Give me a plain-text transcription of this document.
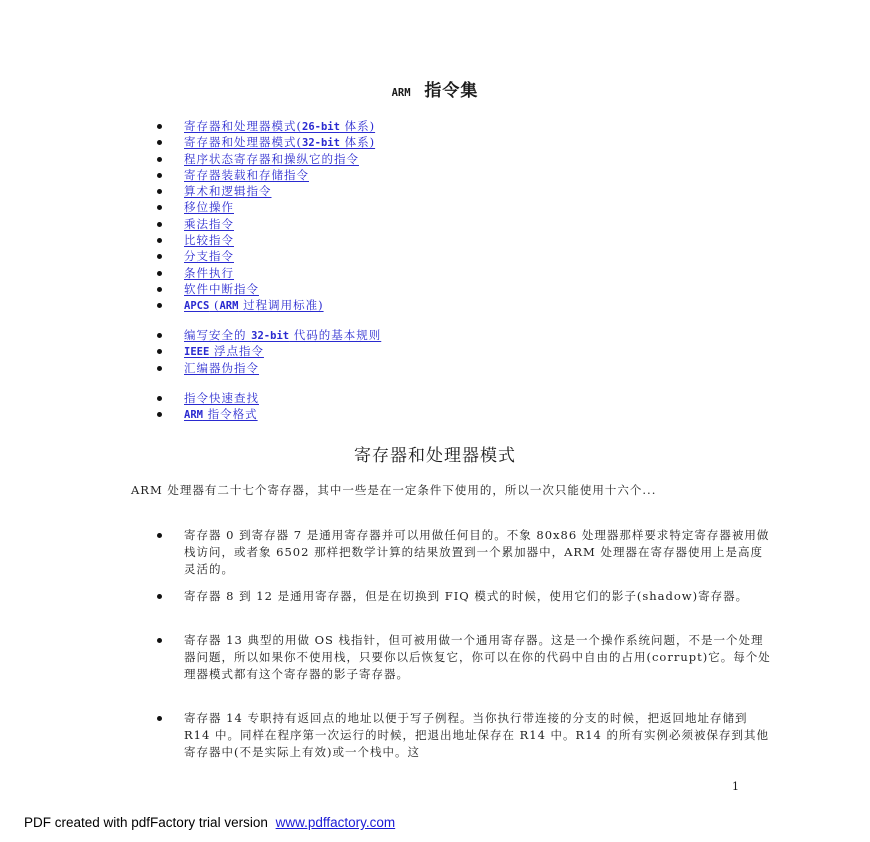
ARM 指令集
寄存器和处理器模式(26-bit 体系)
寄存器和处理器模式(32-bit 体系)
程序状态寄存器和操纵它的指令
寄存器装载和存储指令
算术和逻辑指令
移位操作
乘法指令
比较指令
分支指令
条件执行
软件中断指令
APCS (ARM 过程调用标准)
编写安全的 32-bit 代码的基本规则
IEEE 浮点指令
汇编器伪指令
指令快速查找
ARM 指令格式
寄存器和处理器模式
ARM 处理器有二十七个寄存器，其中一些是在一定条件下使用的，所以一次只能使用十六个...
寄存器 0 到寄存器 7 是通用寄存器并可以用做任何目的。不象 80x86 处理器那样要求特定寄存器被用做栈访问，或者象 6502 那样把数学计算的结果放置到一个累加器中，ARM 处理器在寄存器使用上是高度灵活的。
寄存器 8 到 12 是通用寄存器，但是在切换到 FIQ 模式的时候，使用它们的影子(shadow)寄存器。
寄存器 13 典型的用做 OS 栈指针，但可被用做一个通用寄存器。这是一个操作系统问题，不是一个处理器问题，所以如果你不使用栈，只要你以后恢复它，你可以在你的代码中自由的占用(corrupt)它。每个处理器模式都有这个寄存器的影子寄存器。
寄存器 14 专职持有返回点的地址以便于写子例程。当你执行带连接的分支的时候，把返回地址存储到 R14 中。同样在程序第一次运行的时候，把退出地址保存在 R14 中。R14 的所有实例必须被保存到其他寄存器中(不是实际上有效)或一个栈中。这
1
PDF created with pdfFactory trial version www.pdffactory.com
